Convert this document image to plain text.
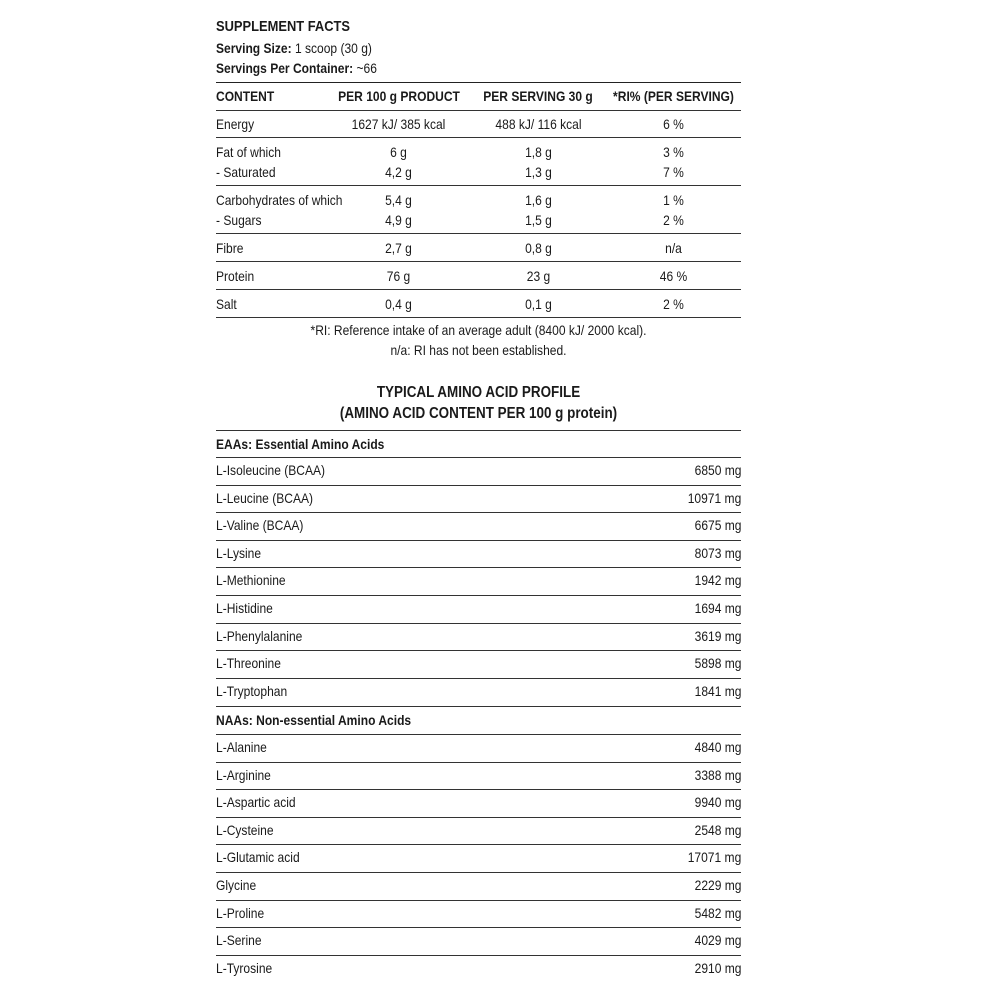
SUPPLEMENT FACTS
Serving Size: 1 scoop (30 g)
Servings Per Container: ~66
CONTENT	PER 100 g PRODUCT	PER SERVING 30 g	*RI% (PER SERVING)
Energy	1627 kJ/ 385 kcal	488 kJ/ 116 kcal	6 %
Fat of which	6 g	1,8 g	3 %
- Saturated	4,2 g	1,3 g	7 %
Carbohydrates of which	5,4 g	1,6 g	1 %
- Sugars	4,9 g	1,5 g	2 %
Fibre	2,7 g	0,8 g	n/a
Protein	76 g	23 g	46 %
Salt	0,4 g	0,1 g	2 %
*RI: Reference intake of an average adult (8400 kJ/ 2000 kcal).
n/a: RI has not been established.
TYPICAL AMINO ACID PROFILE
(AMINO ACID CONTENT PER 100 g protein)
EAAs: Essential Amino Acids
L-Isoleucine (BCAA)	6850 mg
L-Leucine (BCAA)	10971 mg
L-Valine (BCAA)	6675 mg
L-Lysine	8073 mg
L-Methionine	1942 mg
L-Histidine	1694 mg
L-Phenylalanine	3619 mg
L-Threonine	5898 mg
L-Tryptophan	1841 mg
NAAs: Non-essential Amino Acids
L-Alanine	4840 mg
L-Arginine	3388 mg
L-Aspartic acid	9940 mg
L-Cysteine	2548 mg
L-Glutamic acid	17071 mg
Glycine	2229 mg
L-Proline	5482 mg
L-Serine	4029 mg
L-Tyrosine	2910 mg
